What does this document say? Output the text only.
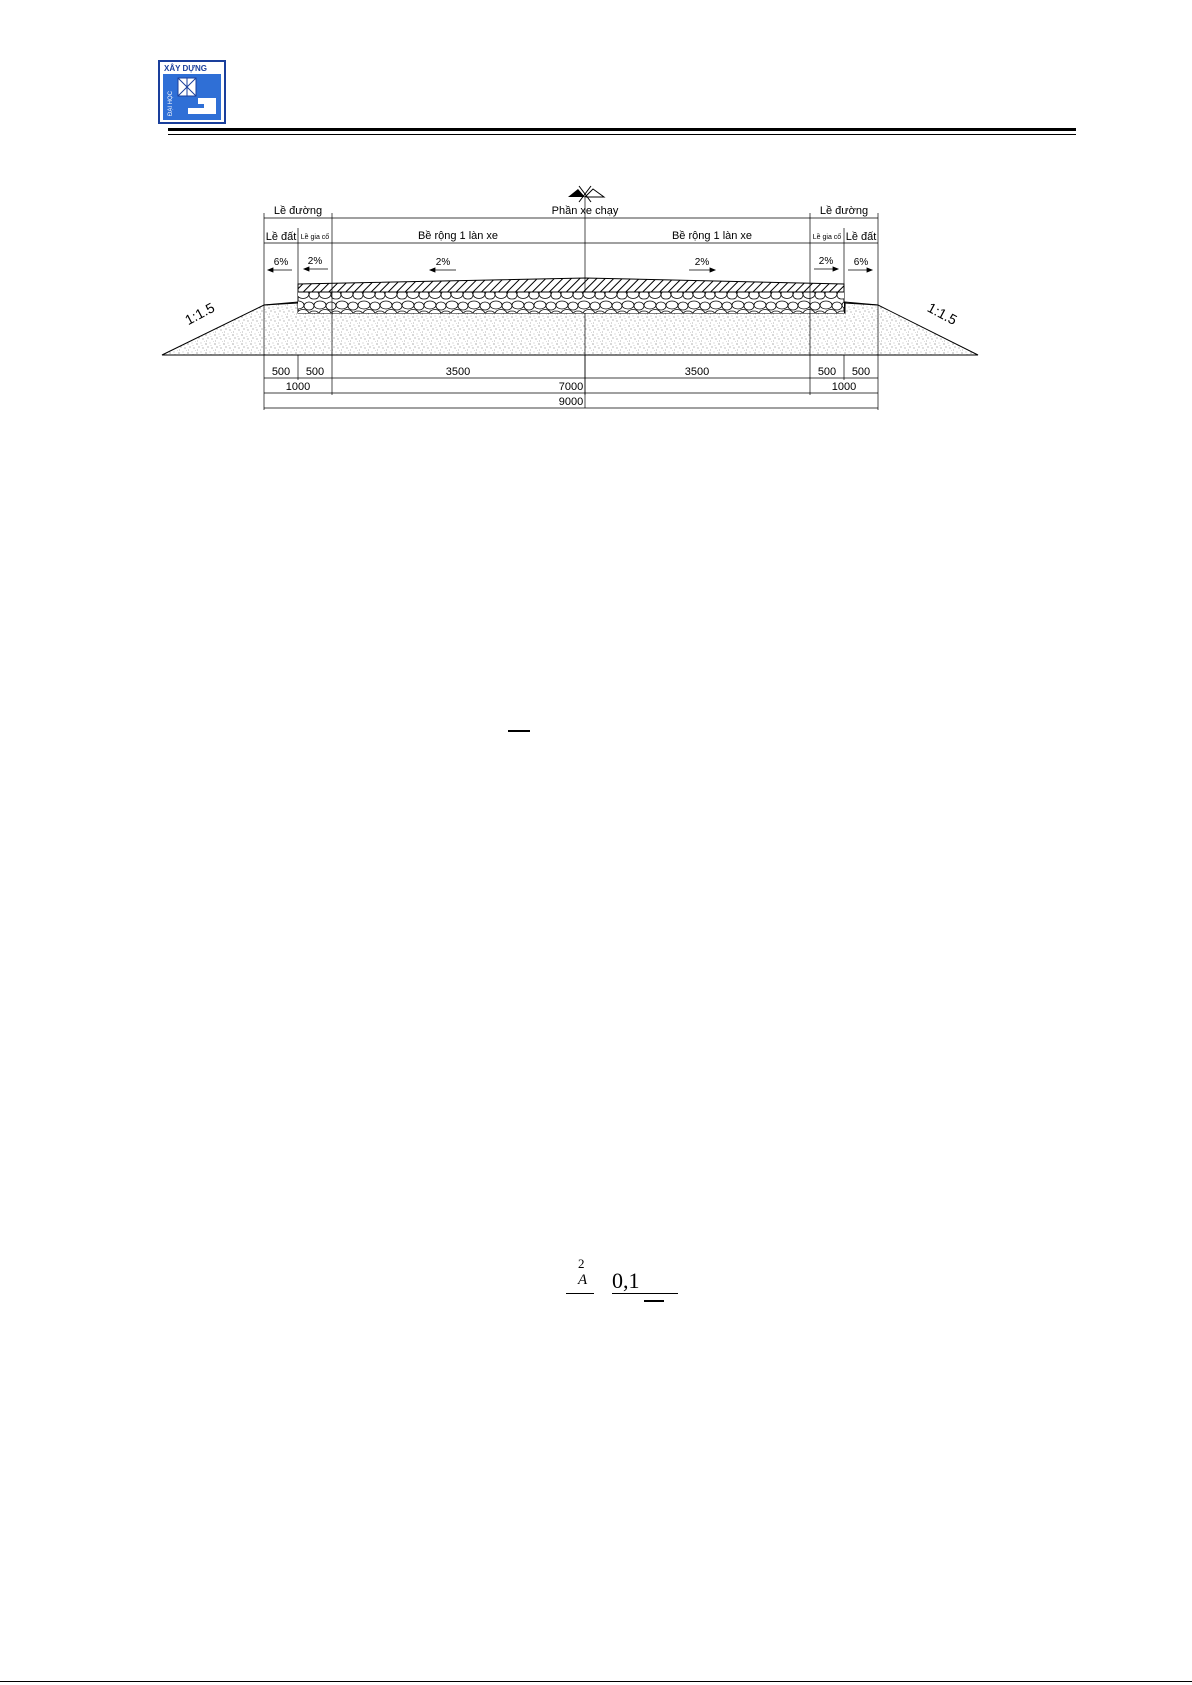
XÂY DỰNG
ĐẠI HỌC
Phần xe chạy
Lề đường	Lề đường
Lề đất Lề gia cố	Bề rộng 1 làn xe	Bề rộng 1 làn xe	Lề gia cố Lề đất
6% 2%	2%	2%	2% 6%
1:1.5	1:1.5
500 500	3500	3500	500 500
1000	7000	1000
9000
2
A 0,1
